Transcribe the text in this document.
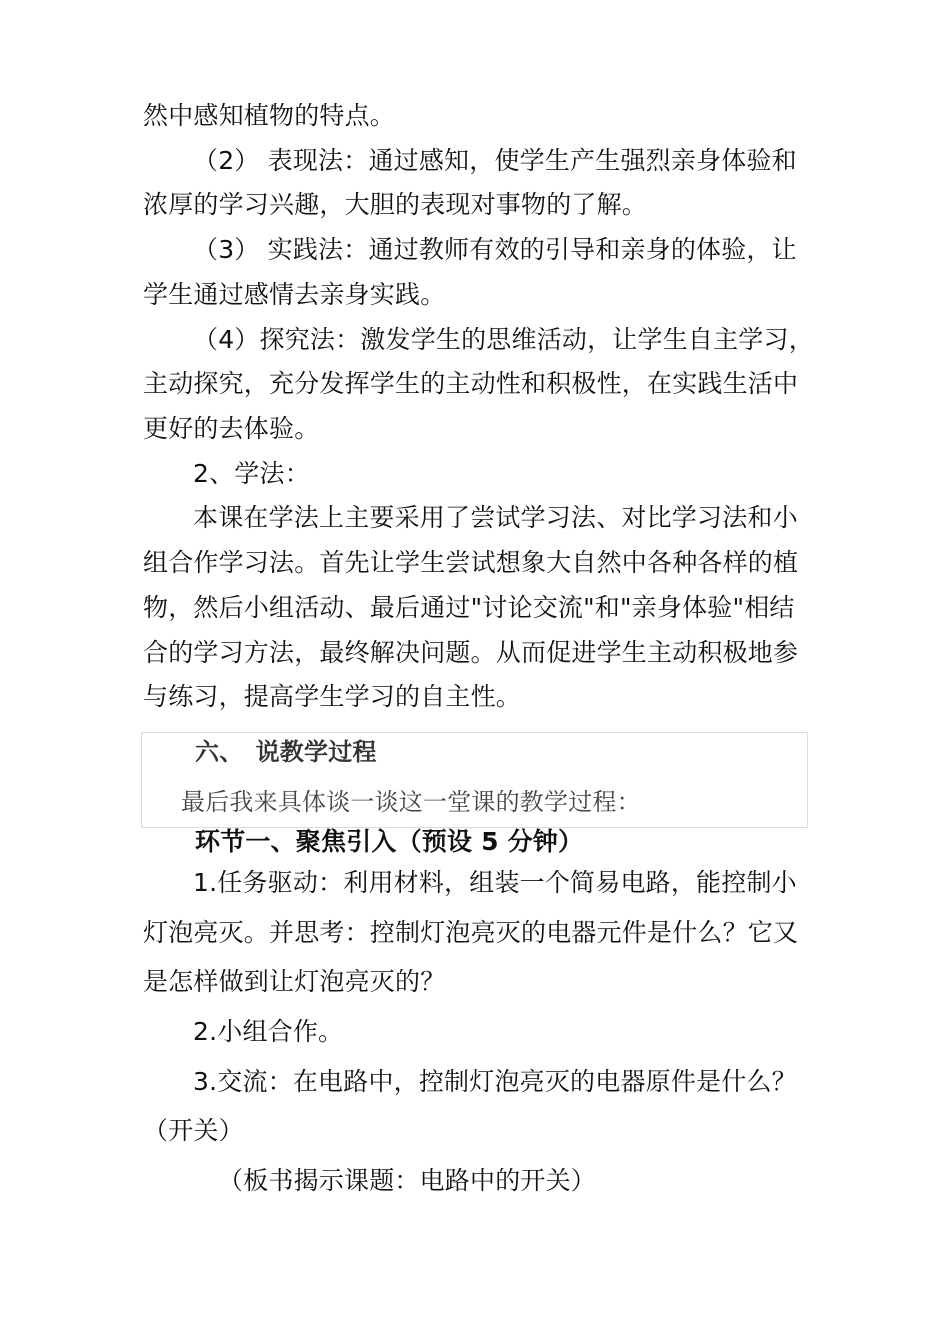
然中感知植物的特点。
（2） 表现法：通过感知，使学生产生强烈亲身体验和
浓厚的学习兴趣，大胆的表现对事物的了解。
（3） 实践法：通过教师有效的引导和亲身的体验，让
学生通过感情去亲身实践。
（4）探究法：激发学生的思维活动，让学生自主学习，
主动探究，充分发挥学生的主动性和积极性，在实践生活中
更好的去体验。
2、学法：
本课在学法上主要采用了尝试学习法、对比学习法和小
组合作学习法。首先让学生尝试想象大自然中各种各样的植
物，然后小组活动、最后通过"讨论交流"和"亲身体验"相结
合的学习方法，最终解决问题。从而促进学生主动积极地参
与练习，提高学生学习的自主性。
六、　说教学过程
最后我来具体谈一谈这一堂课的教学过程：
环节一、聚焦引入（预设 5 分钟）
1.任务驱动：利用材料，组装一个简易电路，能控制小
灯泡亮灭。并思考：控制灯泡亮灭的电器元件是什么？它又
是怎样做到让灯泡亮灭的？
2.小组合作。
3.交流：在电路中，控制灯泡亮灭的电器原件是什么？
（开关）
（板书揭示课题：电路中的开关）
